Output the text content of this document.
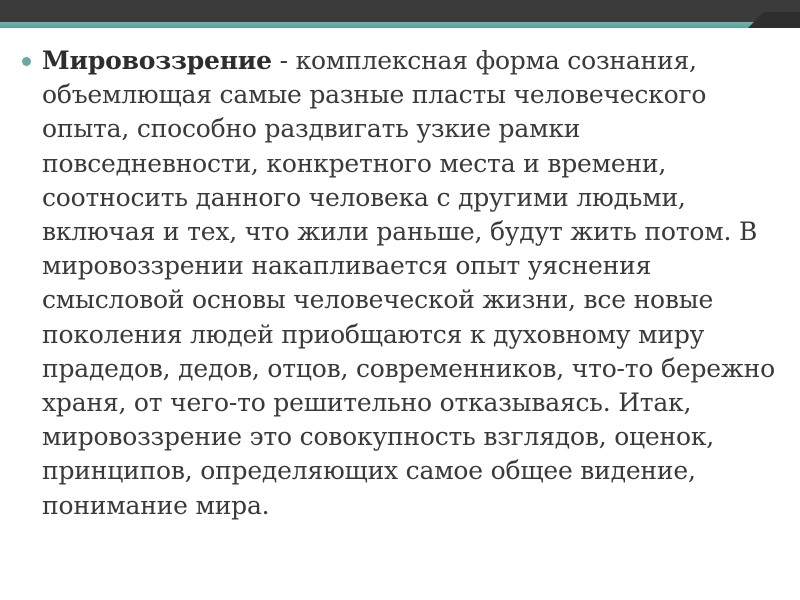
Мировоззрение - комплексная форма сознания, объемлющая самые разные пласты человеческого опыта, способно раздвигать узкие рамки повседневности, конкретного места и времени, соотносить данного человека с другими людьми, включая и тех, что жили раньше, будут жить потом. В мировоззрении накапливается опыт уяснения смысловой основы человеческой жизни, все новые поколения людей приобщаются к духовному миру прадедов, дедов, отцов, современников, что-то бережно храня, от чего-то решительно отказываясь. Итак, мировоззрение это совокупность взглядов, оценок, принципов, определяющих самое общее видение, понимание мира.
